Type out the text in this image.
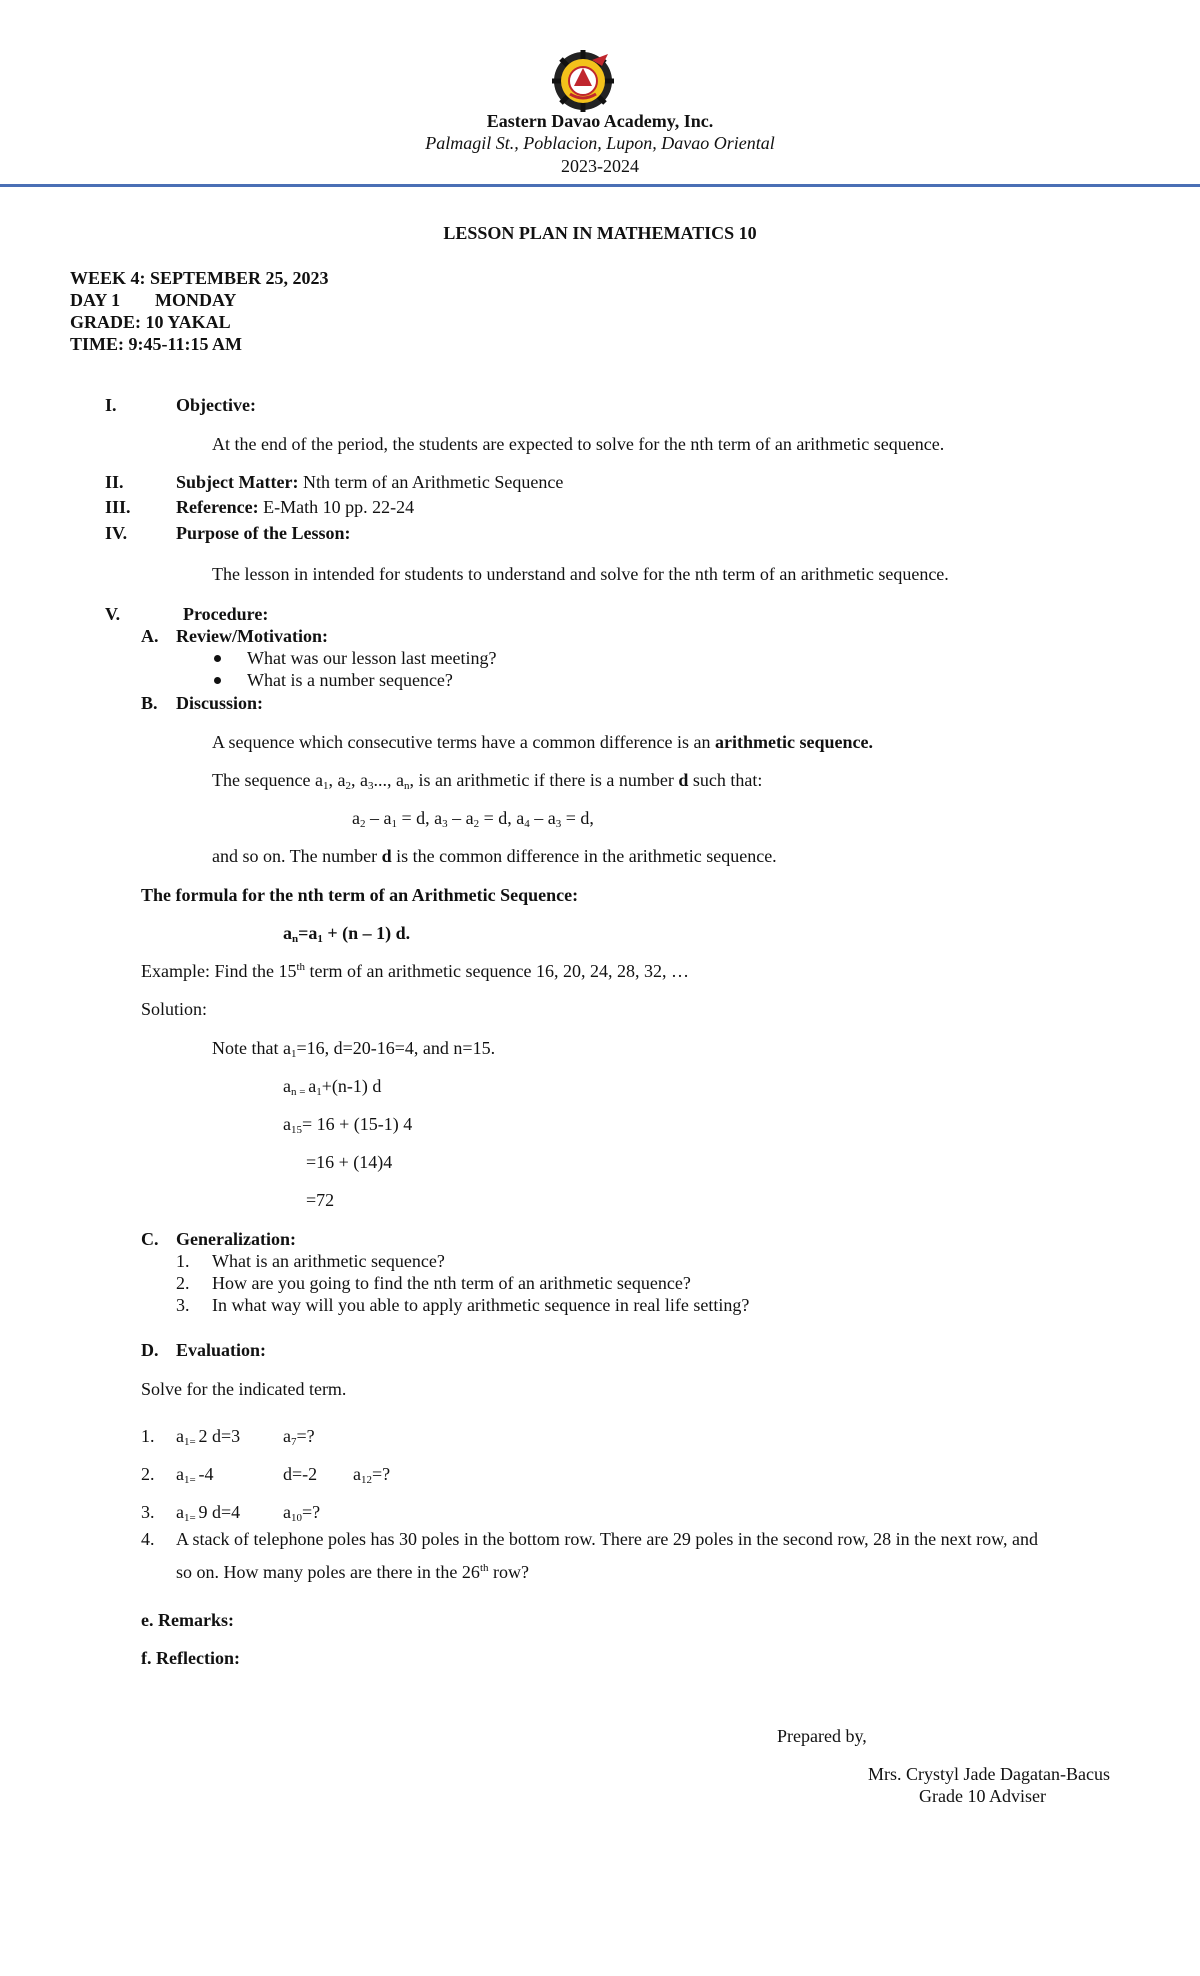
Eastern Davao Academy, Inc.
Palmagil St., Poblacion, Lupon, Davao Oriental
2023-2024
LESSON PLAN IN MATHEMATICS 10
WEEK 4: SEPTEMBER 25, 2023
DAY 1 MONDAY
GRADE: 10 YAKAL
TIME: 9:45-11:15 AM
I.	Objective:
At the end of the period, the students are expected to solve for the nth term of an arithmetic sequence.
II.	Subject Matter: Nth term of an Arithmetic Sequence
III.	Reference: E-Math 10 pp. 22-24
IV.	Purpose of the Lesson:
The lesson in intended for students to understand and solve for the nth term of an arithmetic sequence.
V.	Procedure:
A. Review/Motivation:
What was our lesson last meeting?
What is a number sequence?
B. Discussion:
A sequence which consecutive terms have a common difference is an arithmetic sequence.
The sequence $a_1$, $a_2$, $a_3$..., $a_n$, is an arithmetic if there is a number d such that:
$a_2 - a_1 = d$, $a_3 - a_2 = d$, $a_4 - a_3 = d$,
and so on. The number d is the common difference in the arithmetic sequence.
The formula for the nth term of an Arithmetic Sequence:
$a_n=a_1 + (n - 1)$ d.
Example: Find the 15th term of an arithmetic sequence 16, 20, 24, 28, 32, …
Solution:
Note that $a_1=16$, d=20-16=4, and n=15.
$a_{n =}$ $a_1+(n-1)$ d
$a_{15}= 16 + (15-1)$ 4
=16 + (14)4
=72
C. Generalization:
1. What is an arithmetic sequence?
2. How are you going to find the nth term of an arithmetic sequence?
3. In what way will you able to apply arithmetic sequence in real life setting?
D. Evaluation:
Solve for the indicated term.
1. $a_{1=}$ 2 d=3 $a_7=$?
2. $a_{1=}$ -4	d=-2 $a_{12}=$?
3. $a_{1=}$ 9 d=4 $a_{10}=$?
4. A stack of telephone poles has 30 poles in the bottom row. There are 29 poles in the second row, 28 in the next row, and
so on. How many poles are there in the 26th row?
e. Remarks:
f. Reflection:
Prepared by,
Mrs. Crystyl Jade Dagatan-Bacus
Grade 10 Adviser
